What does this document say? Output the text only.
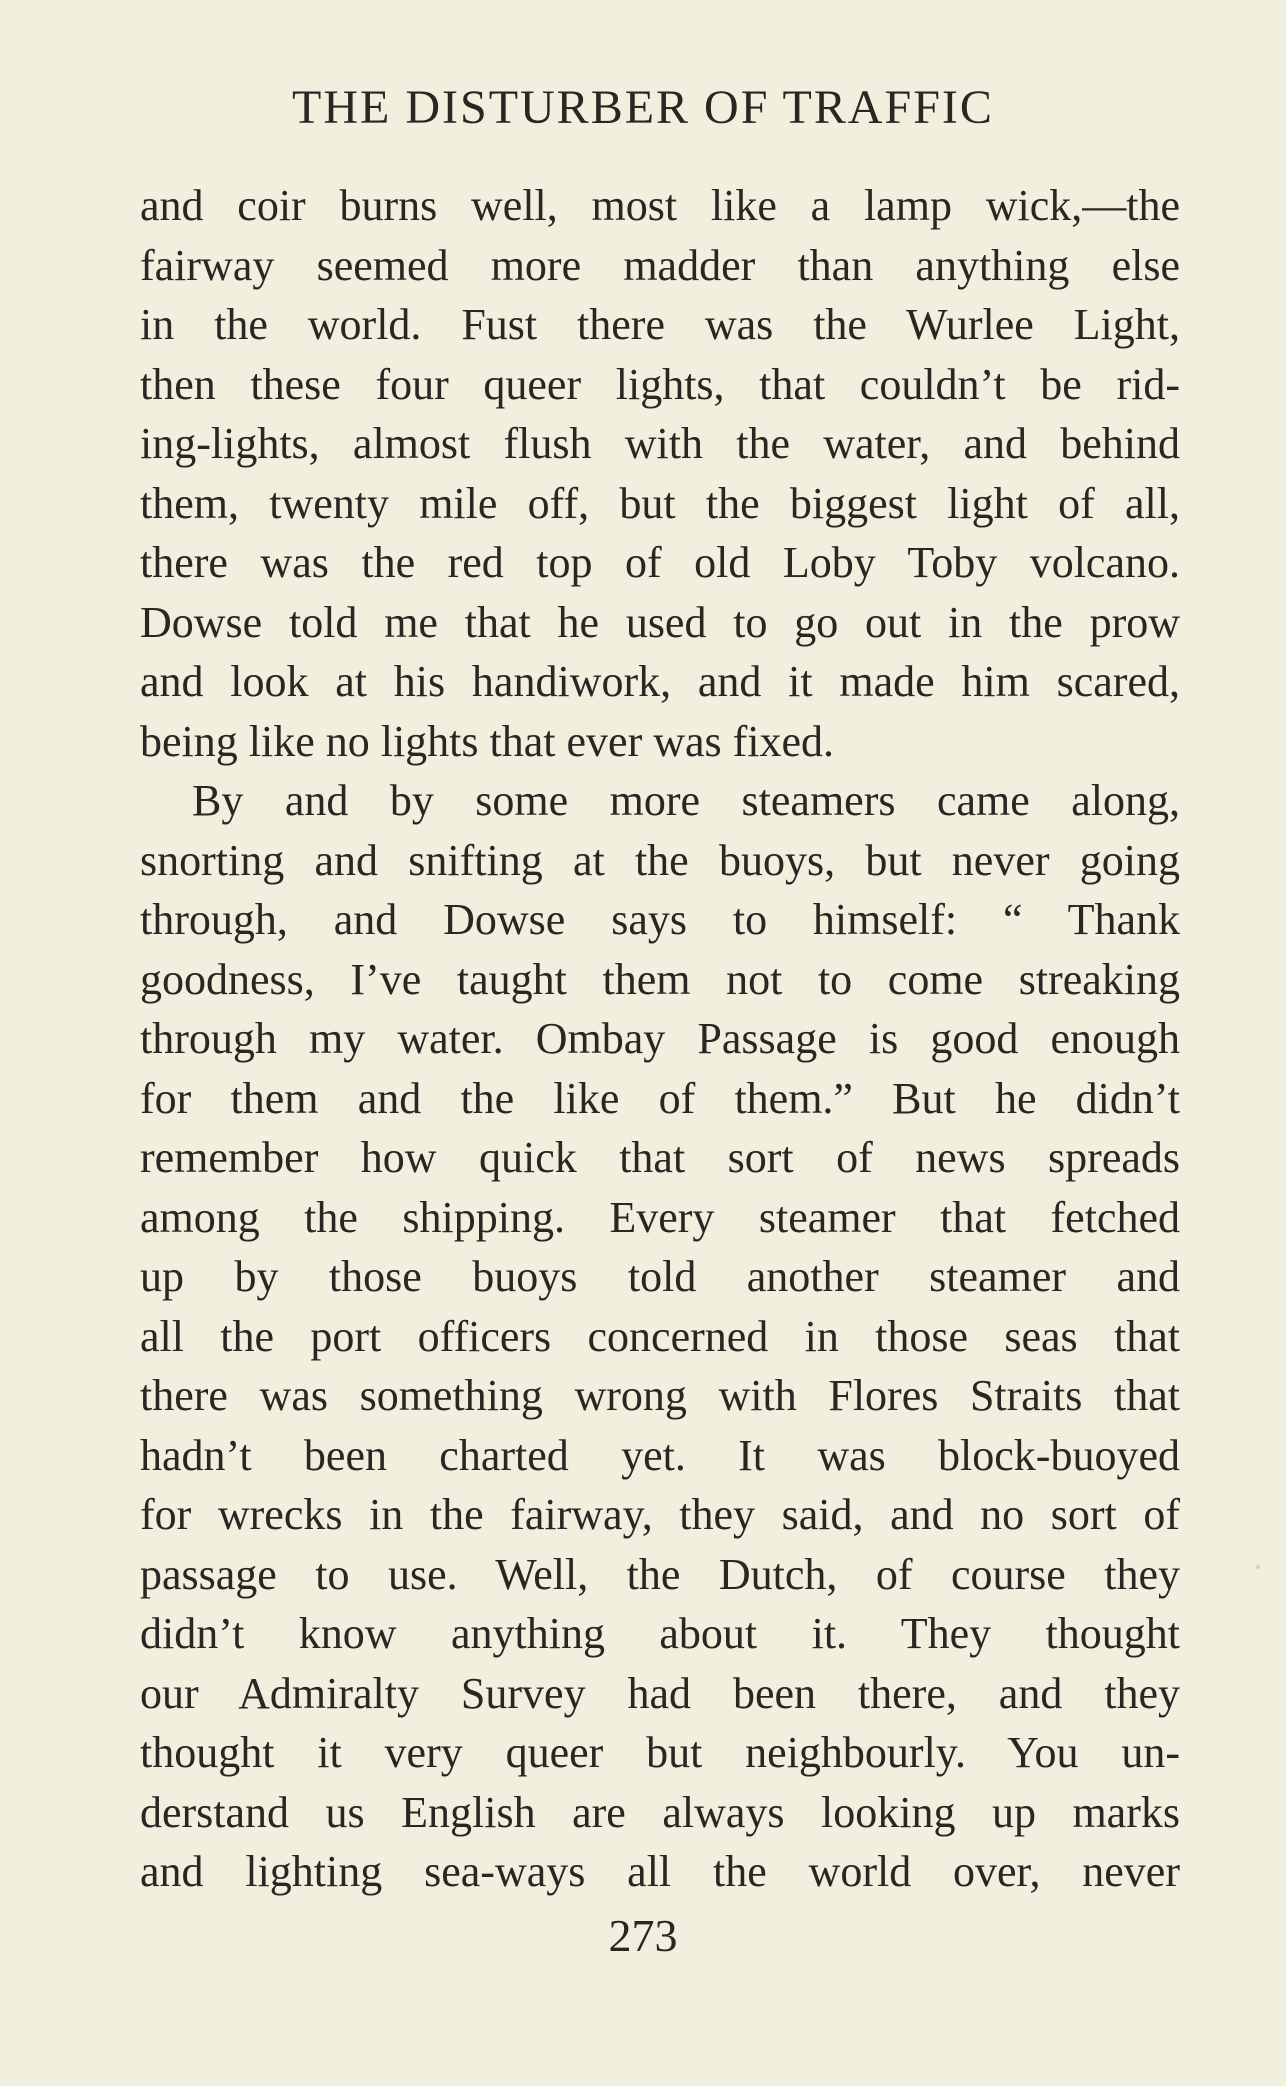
THE DISTURBER OF TRAFFIC
and coir burns well, most like a lamp wick,—the
fairway seemed more madder than anything else
in the world. Fust there was the Wurlee Light,
then these four queer lights, that couldn’t be rid-
ing-lights, almost flush with the water, and behind
them, twenty mile off, but the biggest light of all,
there was the red top of old Loby Toby volcano.
Dowse told me that he used to go out in the prow
and look at his handiwork, and it made him scared,
being like no lights that ever was fixed.
By and by some more steamers came along,
snorting and snifting at the buoys, but never going
through, and Dowse says to himself: “ Thank
goodness, I’ve taught them not to come streaking
through my water. Ombay Passage is good enough
for them and the like of them.” But he didn’t
remember how quick that sort of news spreads
among the shipping. Every steamer that fetched
up by those buoys told another steamer and
all the port officers concerned in those seas that
there was something wrong with Flores Straits that
hadn’t been charted yet. It was block-buoyed
for wrecks in the fairway, they said, and no sort of
passage to use. Well, the Dutch, of course they
didn’t know anything about it. They thought
our Admiralty Survey had been there, and they
thought it very queer but neighbourly. You un-
derstand us English are always looking up marks
and lighting sea-ways all the world over, never
273
